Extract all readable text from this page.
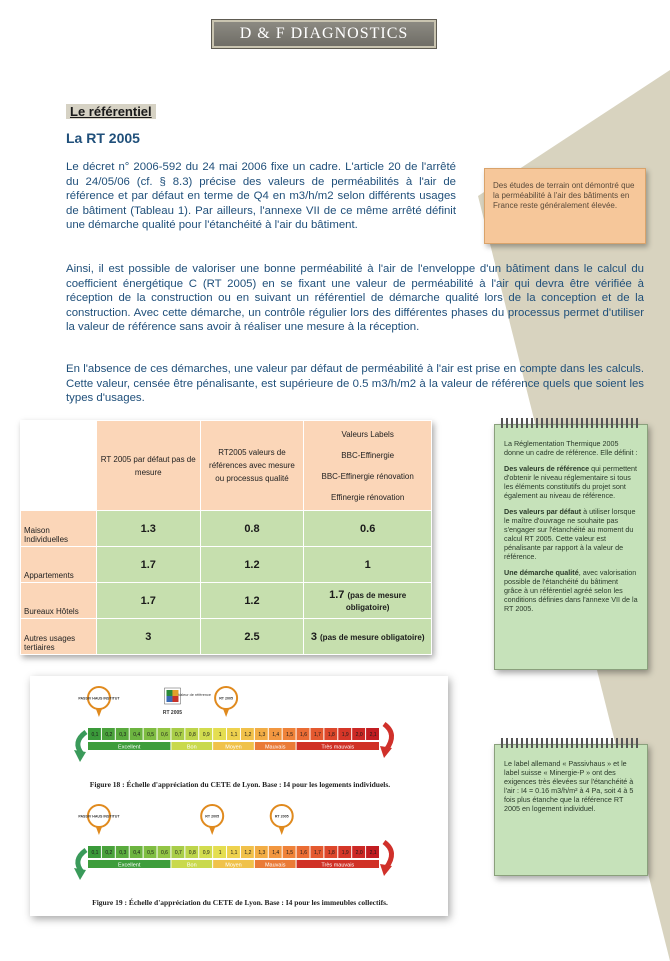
D & F DIAGNOSTICS
Le référentiel
La RT 2005
Le décret n° 2006-592 du 24 mai 2006 fixe un cadre. L'article 20 de l'arrêté du 24/05/06 (cf. § 8.3) précise des valeurs de perméabilités à l'air de référence et par défaut en terme de Q4 en m3/h/m2 selon différents usages de bâtiment (Tableau 1). Par ailleurs, l'annexe VII de ce même arrêté définit une démarche qualité pour l'étanchéité à l'air du bâtiment.
Ainsi, il est possible de valoriser une bonne perméabilité à l'air de l'enveloppe d'un bâtiment dans le calcul du coefficient énergétique C (RT 2005) en se fixant une valeur de perméabilité à l'air qui devra être vérifiée à réception de la construction ou en suivant un référentiel de démarche qualité lors de la conception et de la construction. Avec cette démarche, un contrôle régulier lors des différentes phases du processus permet d'utiliser la valeur de référence sans avoir à réaliser une mesure à la réception.
En l'absence de ces démarches, une valeur par défaut de perméabilité à l'air est prise en compte dans les calculs. Cette valeur, censée être pénalisante, est supérieure de 0.5 m3/h/m2 à la valeur de référence quels que soient les types d'usages.
Des études de terrain ont démontré que la perméabilité à l'air des bâtiments en France reste généralement élevée.
	RT 2005 par défaut pas de mesure	RT2005 valeurs de références avec mesure ou processus qualité	Valeurs Labels
BBC-Effinergie
BBC-Effinergie rénovation
Effinergie rénovation

Maison Individuelles	1.3	0.8	0.6
Appartements	1.7	1.2	1
Bureaux Hôtels	1.7	1.2	1.7 (pas de mesure obligatoire)
Autres usages tertiaires	3	2.5	3 (pas de mesure obligatoire)

La Réglementation Thermique 2005 donne un cadre de référence. Elle définit :

Des valeurs de référence qui permettent d'obtenir le niveau réglementaire si tous les éléments constitutifs du projet sont également au niveau de référence.

Des valeurs par défaut à utiliser lorsque le maître d'ouvrage ne souhaite pas s'engager sur l'étanchéité au moment du calcul RT 2005. Cette valeur est pénalisante par rapport à la valeur de référence.

Une démarche qualité, avec valorisation possible de l'étanchéité du bâtiment grâce à un référentiel agréé selon les conditions définies dans l'annexe VII de la RT 2005.

Le label allemand « Passivhaus » et le label suisse « Minergie-P » ont des exigences très élevées sur l'étanchéité à l'air : I4 = 0.16 m3/h/m² à 4 Pa, soit 4 à 5 fois plus étanche que la référence RT 2005 en logement individuel.

0,1 0,2 0,3 0,4 0,5 0,6 0,7 0,8 0,9 1 1,1 1,2 1,3 1,4 1,5 1,6 1,7 1,8 1,9 2,0 2,1
Excellent	Bon	Moyen	Mauvais	Très mauvais
PASSIV HAUS INSTITUT
RT 2005
Valeur de référence
RT 2005
0,1 0,2 0,3 0,4 0,5 0,6 0,7 0,8 0,9 1 1,1 1,2 1,3 1,4 1,5 1,6 1,7 1,8 1,9 2,0 2,1
Excellent	Bon	Moyen	Mauvais	Très mauvais
PASSIV HAUS INSTITUT	RT 2005	RT 2005
Figure 18 : Échelle d'appréciation du CETE de Lyon. Base : I4 pour les logements individuels.
Figure 19 : Échelle d'appréciation du CETE de Lyon. Base : I4 pour les immeubles collectifs.
